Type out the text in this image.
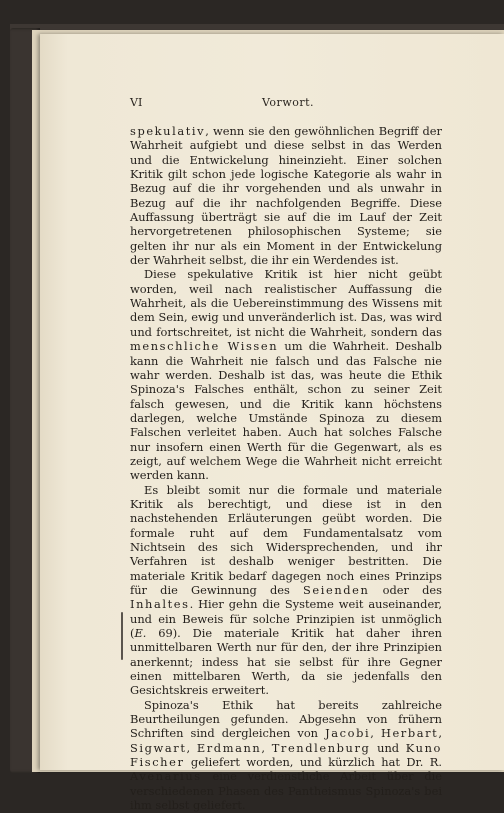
VI	Vorwort.

spekulativ, wenn sie den gewöhnlichen Begriff der Wahrheit aufgiebt und diese selbst in das Werden und die Entwickelung hineinzieht. Einer solchen Kritik gilt schon jede logische Kategorie als wahr in Bezug auf die ihr vorgehenden und als unwahr in Bezug auf die ihr nachfolgenden Begriffe. Diese Auffassung überträgt sie auf die im Lauf der Zeit hervorgetretenen philosophischen Systeme; sie gelten ihr nur als ein Moment in der Entwickelung der Wahrheit selbst, die ihr ein Werdendes ist.

Diese spekulative Kritik ist hier nicht geübt worden, weil nach realistischer Auffassung die Wahrheit, als die Uebereinstimmung des Wissens mit dem Sein, ewig und unveränderlich ist. Das, was wird und fortschreitet, ist nicht die Wahrheit, sondern das menschliche Wissen um die Wahrheit. Deshalb kann die Wahrheit nie falsch und das Falsche nie wahr werden. Deshalb ist das, was heute die Ethik Spinoza's Falsches enthält, schon zu seiner Zeit falsch gewesen, und die Kritik kann höchstens darlegen, welche Umstände Spinoza zu diesem Falschen verleitet haben. Auch hat solches Falsche nur insofern einen Werth für die Gegenwart, als es zeigt, auf welchem Wege die Wahrheit nicht erreicht werden kann.

Es bleibt somit nur die formale und materiale Kritik als berechtigt, und diese ist in den nachstehenden Erläuterungen geübt worden. Die formale ruht auf dem Fundamentalsatz vom Nichtsein des sich Widersprechenden, und ihr Verfahren ist deshalb weniger bestritten. Die materiale Kritik bedarf dagegen noch eines Prinzips für die Gewinnung des Seienden oder des Inhaltes. Hier gehn die Systeme weit auseinander, und ein Beweis für solche Prinzipien ist unmöglich (E. 69). Die materiale Kritik hat daher ihren unmittelbaren Werth nur für den, der ihre Prinzipien anerkennt; indess hat sie selbst für ihre Gegner einen mittelbaren Werth, da sie jedenfalls den Gesichtskreis erweitert.

Spinoza's Ethik hat bereits zahlreiche Beurtheilungen gefunden. Abgesehn von frühern Schriften sind dergleichen von Jacobi, Herbart, Sigwart, Erdmann, Trendlenburg und Kuno Fischer geliefert worden, und kürzlich hat Dr. R. Avenarius eine verdienstliche Arbeit über die verschiedenen Phasen des Pantheismus Spinoza's bei ihm selbst geliefert.
